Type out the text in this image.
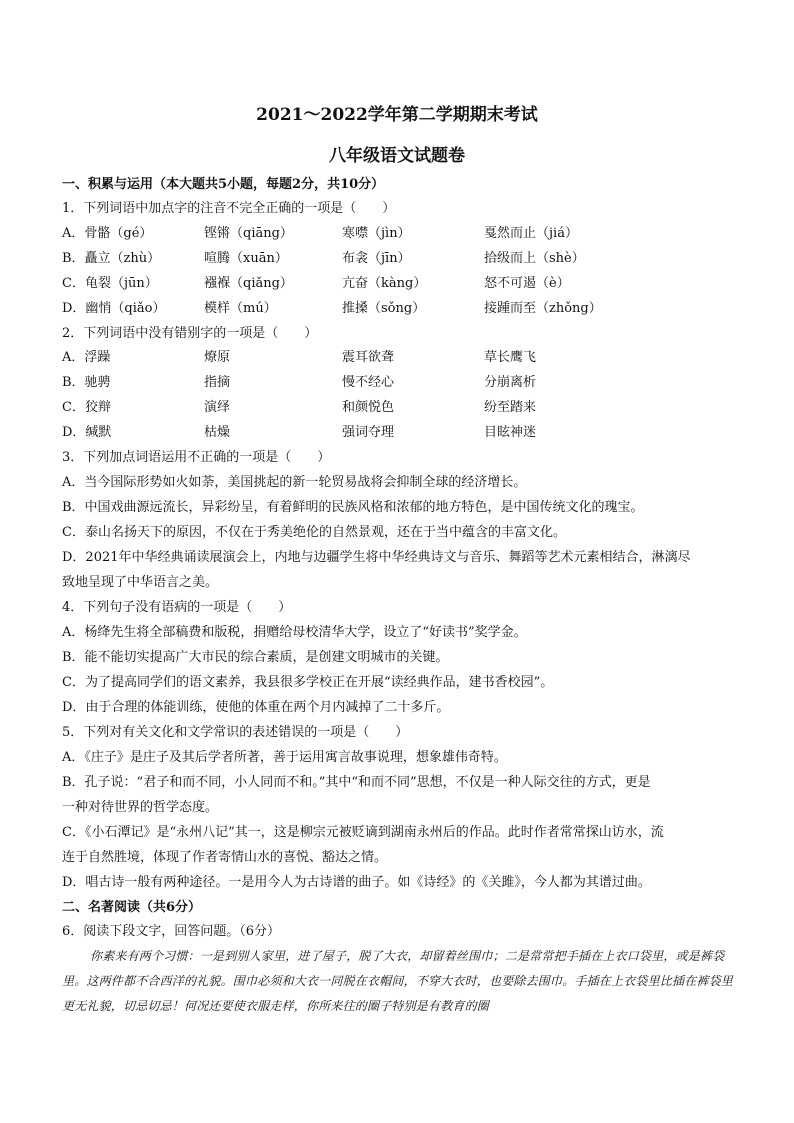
2021～2022学年第二学期期末考试
八年级语文试题卷
一、积累与运用（本大题共5小题，每题2分，共10分）
1．下列词语中加点字的注音不完全正确的一项是（　　）
A．骨骼（gé）	铿锵（qiāng）	寒噤（jìn）	戛然而止（jiá）
B．矗立（zhù）	喧腾（xuān）	布衾（jīn）	拾级而上（shè）
C．龟裂（jūn）	襁褓（qiǎng）	亢奋（kàng）	怒不可遏（è）
D．幽悄（qiǎo）	模样（mú）	推搡（sǒng）	接踵而至（zhǒng）
2．下列词语中没有错别字的一项是（　　）
A．浮躁	燎原	震耳欲聋	草长鹰飞
B．驰骋	指摘	慢不经心	分崩离析
C．狡辩	演绎	和颜悦色	纷至踏来
D．缄默	枯燥	强词夺理	目眩神迷
3．下列加点词语运用不正确的一项是（　　）
A．当今国际形势如火如荼，美国挑起的新一轮贸易战将会抑制全球的经济增长。
B．中国戏曲源远流长，异彩纷呈，有着鲜明的民族风格和浓郁的地方特色，是中国传统文化的瑰宝。
C．泰山名扬天下的原因，不仅在于秀美绝伦的自然景观，还在于当中蕴含的丰富文化。
D．2021年中华经典诵读展演会上，内地与边疆学生将中华经典诗文与音乐、舞蹈等艺术元素相结合，淋漓尽
致地呈现了中华语言之美。
4．下列句子没有语病的一项是（　　）
A．杨绛先生将全部稿费和版税，捐赠给母校清华大学，设立了“好读书”奖学金。
B．能不能切实提高广大市民的综合素质，是创建文明城市的关键。
C．为了提高同学们的语文素养，我县很多学校正在开展“读经典作品，建书香校园”。
D．由于合理的体能训练，使他的体重在两个月内减掉了二十多斤。
5．下列对有关文化和文学常识的表述错误的一项是（　　）
A．《庄子》是庄子及其后学者所著，善于运用寓言故事说理，想象雄伟奇特。
B．孔子说：“君子和而不同，小人同而不和。”其中“和而不同”思想，不仅是一种人际交往的方式，更是
一种对待世界的哲学态度。
C．《小石潭记》是“永州八记”其一，这是柳宗元被贬谪到湖南永州后的作品。此时作者常常探山访水，流
连于自然胜境，体现了作者寄情山水的喜悦、豁达之情。
D．唱古诗一般有两种途径。一是用今人为古诗谱的曲子。如《诗经》的《关雎》，今人都为其谱过曲。
二、名著阅读（共6分）
6．阅读下段文字，回答问题。（6分）
你素来有两个习惯：一是到别人家里，进了屋子，脱了大衣，却留着丝围巾；二是常常把手插在上衣口袋里，或是裤袋里。这两件都不合西洋的礼貌。围巾必须和大衣一同脱在衣帽间，不穿大衣时，也要除去围巾。手插在上衣袋里比插在裤袋里更无礼貌，切忌切忌！何况还要使衣服走样，你所来往的圈子特别是有教育的圈
